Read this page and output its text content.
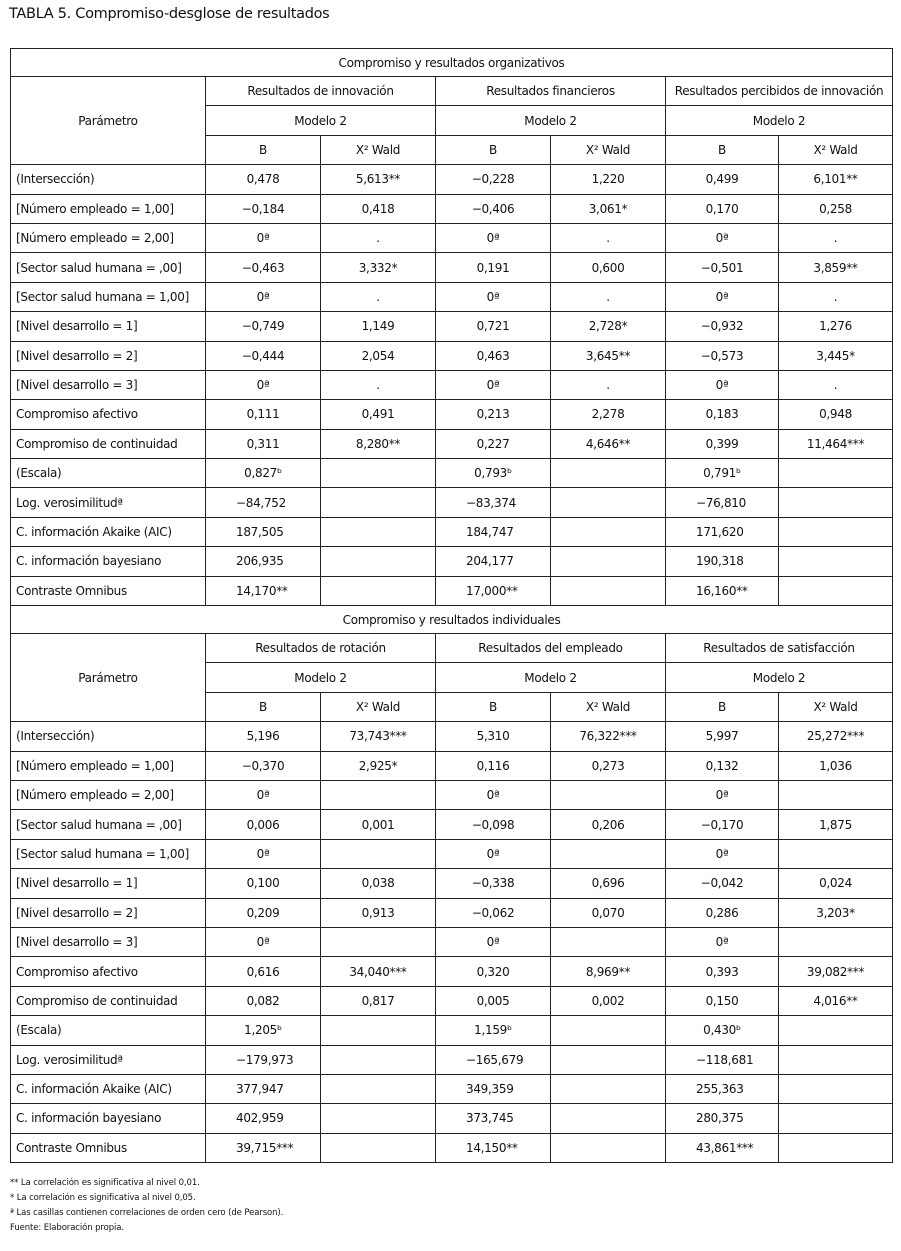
TABLA 5. Compromiso-desglose de resultados
Compromiso y resultados organizativos						
Parámetro	Resultados de innovación		Resultados financieros		Resultados percibidos de innovación	
	Modelo 2		Modelo 2		Modelo 2	
	B	X² Wald	B	X² Wald	B	X² Wald
(Intersección)	0,478	5,613**	−0,228	1,220	0,499	6,101**
[Número empleado = 1,00]	−0,184	0,418	−0,406	3,061*	0,170	0,258
[Número empleado = 2,00]	0ª	.	0ª	.	0ª	.
[Sector salud humana = ,00]	−0,463	3,332*	0,191	0,600	−0,501	3,859**
[Sector salud humana = 1,00]	0ª	.	0ª	.	0ª	.
[Nivel desarrollo = 1]	−0,749	1,149	0,721	2,728*	−0,932	1,276
[Nivel desarrollo = 2]	−0,444	2,054	0,463	3,645**	−0,573	3,445*
[Nivel desarrollo = 3]	0ª	.	0ª	.	0ª	.
Compromiso afectivo	0,111	0,491	0,213	2,278	0,183	0,948
Compromiso de continuidad	0,311	8,280**	0,227	4,646**	0,399	11,464***
(Escala)	0,827ᵇ		0,793ᵇ		0,791ᵇ	
Log. verosimilitudª	−84,752		−83,374		−76,810	
C. información Akaike (AIC)	187,505		184,747		171,620	
C. información bayesiano	206,935		204,177		190,318	
Contraste Omnibus	14,170**		17,000**		16,160**	
Compromiso y resultados individuales						
Parámetro	Resultados de rotación		Resultados del empleado		Resultados de satisfacción	
	Modelo 2		Modelo 2		Modelo 2	
	B	X² Wald	B	X² Wald	B	X² Wald
(Intersección)	5,196	73,743***	5,310	76,322***	5,997	25,272***
[Número empleado = 1,00]	−0,370	2,925*	0,116	0,273	0,132	1,036
[Número empleado = 2,00]	0ª		0ª		0ª	
[Sector salud humana = ,00]	0,006	0,001	−0,098	0,206	−0,170	1,875
[Sector salud humana = 1,00]	0ª		0ª		0ª	
[Nivel desarrollo = 1]	0,100	0,038	−0,338	0,696	−0,042	0,024
[Nivel desarrollo = 2]	0,209	0,913	−0,062	0,070	0,286	3,203*
[Nivel desarrollo = 3]	0ª		0ª		0ª	
Compromiso afectivo	0,616	34,040***	0,320	8,969**	0,393	39,082***
Compromiso de continuidad	0,082	0,817	0,005	0,002	0,150	4,016**
(Escala)	1,205ᵇ		1,159ᵇ		0,430ᵇ	
Log. verosimilitudª	−179,973		−165,679		−118,681	
C. información Akaike (AIC)	377,947		349,359		255,363	
C. información bayesiano	402,959		373,745		280,375	
Contraste Omnibus	39,715***		14,150**		43,861***	
** La correlación es significativa al nivel 0,01.
* La correlación es significativa al nivel 0,05.
ª Las casillas contienen correlaciones de orden cero (de Pearson).
Fuente: Elaboración propia.
